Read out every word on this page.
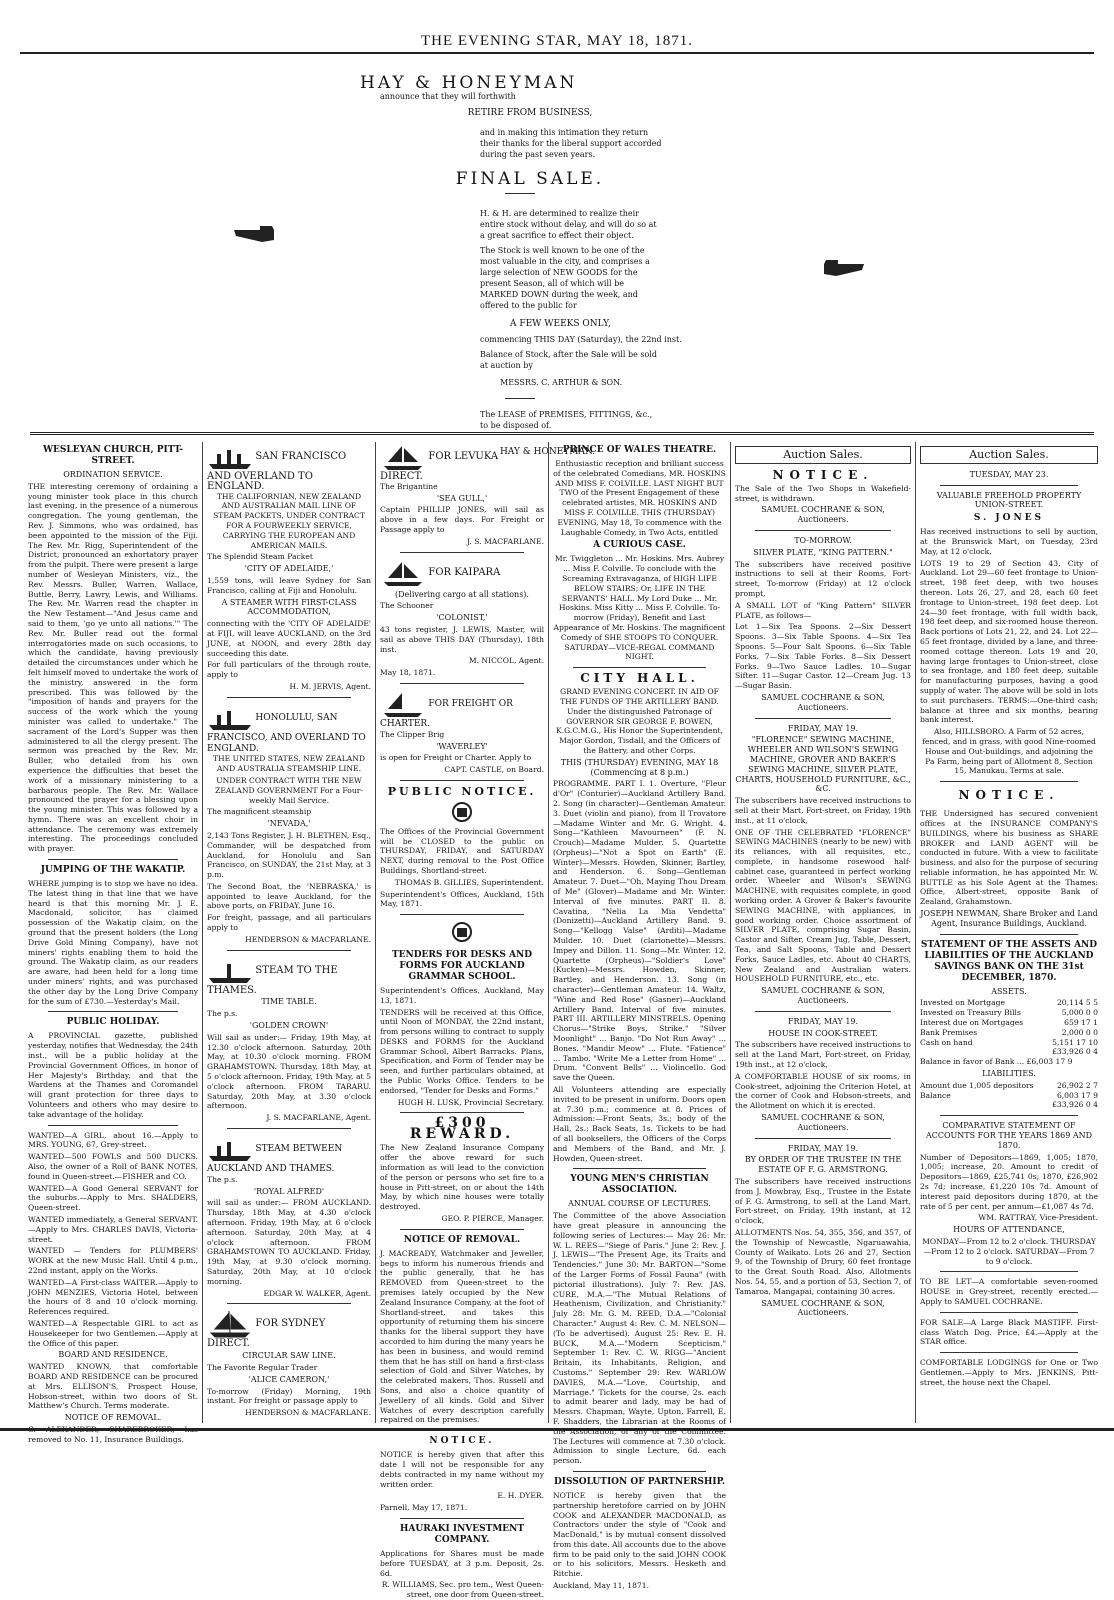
THE EVENING STAR, MAY 18, 1871.
HAY & HONEYMAN
announce that they will forthwith
RETIRE FROM BUSINESS,
and in making this intimation they return their thanks for the liberal support accorded during the past seven years.
FINAL SALE.
H. & H. are determined to realize their entire stock without delay, and will do so at a great sacrifice to effect their object.
The Stock is well known to be one of the most valuable in the city, and comprises a large selection of NEW GOODS for the present Season, all of which will be MARKED DOWN during the week, and offered to the public for
A FEW WEEKS ONLY,
commencing THIS DAY (Saturday), the 22nd inst.
Balance of Stock, after the Sale will be sold at auction by
MESSRS. C. ARTHUR & SON.
The LEASE of PREMISES, FITTINGS, &c., to be disposed of.
HAY & HONEYMAN.
WESLEYAN CHURCH, PITT-STREET.
ORDINATION SERVICE.
THE interesting ceremony of ordaining a young minister took place in this church last evening, in the presence of a numerous congregation. The young gentleman, the Rev. J. Simmons, who was ordained, has been appointed to the mission of the Fiji. The Rev. Mr. Rigg, Superintendent of the District, pronounced an exhortatory prayer from the pulpit. There were present a large number of Wesleyan Ministers, viz., the Rev. Messrs. Buller, Warren, Wallace, Buttle, Berry, Lawry, Lewis, and Williams. The Rev. Mr. Warren read the chapter in the New Testament—"And Jesus came and said to them, 'go ye unto all nations.'" The Rev. Mr. Buller read out the formal interrogatories made on such occasions, to which the candidate, having previously detailed the circumstances under which he felt himself moved to undertake the work of the ministry, answered in the form prescribed. This was followed by the "imposition of hands and prayers for the success of the work which the young minister was called to undertake." The sacrament of the Lord's Supper was then administered to all the clergy present. The sermon was preached by the Rev. Mr. Buller, who detailed from his own experience the difficulties that beset the work of a missionary ministering to a barbarous people. The Rev. Mr. Wallace pronounced the prayer for a blessing upon the young minister. This was followed by a hymn. There was an excellent choir in attendance. The ceremony was extremely interesting. The proceedings concluded with prayer.
JUMPING OF THE WAKATIP.
WHERE jumping is to stop we have no idea. The latest thing in that line that we have heard is that this morning Mr. J. E. Macdonald, solicitor, has claimed possession of the Wakatip claim, on the ground that the present holders (the Long Drive Gold Mining Company), have not miners' rights enabling them to hold the ground. The Wakatip claim, as our readers are aware, had been held for a long time under miners' rights, and was purchased the other day by the Long Drive Company for the sum of £730.—Yesterday's Mail.
PUBLIC HOLIDAY.
A PROVINCIAL gazette, published yesterday, notifies that Wednesday, the 24th inst., will be a public holiday at the Provincial Government Offices, in honor of Her Majesty's Birthday, and that the Wardens at the Thames and Coromandel will grant protection for three days to Volunteers and others who may desire to take advantage of the holiday.
WANTED—A GIRL, about 16.—Apply to MRS. YOUNG, 67, Grey-street.
WANTED—500 FOWLS and 500 DUCKS. Also, the owner of a Roll of BANK NOTES, found in Queen-street.—FISHER and CO.
WANTED—A Good General SERVANT for the suburbs.—Apply to Mrs. SHALDERS, Queen-street.
WANTED immediately, a General SERVANT.—Apply to Mrs. CHARLES DAVIS, Victoria-street.
WANTED — Tenders for PLUMBERS' WORK at the new Music Hall. Until 4 p.m., 22nd instant, apply on the Works.
WANTED—A First-class WAITER.—Apply to JOHN MENZIES, Victoria Hotel, between the hours of 8 and 10 o'clock morning. References required.
WANTED—A Respectable GIRL to act as Housekeeper for two Gentlemen.—Apply at the Office of this paper.
BOARD AND RESIDENCE.
WANTED KNOWN, that comfortable BOARD AND RESIDENCE can be procured at Mrs. ELLISON'S, Prospect House, Hobson-street, within two doors of St. Matthew's Church. Terms moderate.
NOTICE OF REMOVAL.
C. ALEXANDER, SHAREBROKER, has removed to No. 11, Insurance Buildings.
SAN FRANCISCO AND OVERLAND TO ENGLAND.
THE CALIFORNIAN, NEW ZEALAND AND AUSTRALIAN MAIL LINE OF STEAM PACKETS, UNDER CONTRACT FOR A FOURWEEKLY SERVICE, CARRYING THE EUROPEAN AND AMERICAN MAILS.
The Splendid Steam Packet
'CITY OF ADELAIDE,'
1,559 tons, will leave Sydney for San Francisco, calling at Fiji and Honolulu.
A STEAMER WITH FIRST-CLASS ACCOMMODATION,
connecting with the 'CITY OF ADELAIDE' at FIJI, will leave AUCKLAND, on the 3rd JUNE, at NOON, and every 28th day succeeding this date.
For full particulars of the through route, apply to
H. M. JERVIS, Agent.
HONOLULU, SAN FRANCISCO, AND OVERLAND TO ENGLAND.
THE UNITED STATES, NEW ZEALAND AND AUSTRALIA STEAMSHIP LINE.
UNDER CONTRACT WITH THE NEW ZEALAND GOVERNMENT For a Four-weekly Mail Service.
The magnificent steamship
'NEVADA,'
2,143 Tons Register, J. H. BLETHEN, Esq., Commander, will be despatched from Auckland, for Honolulu and San Francisco, on SUNDAY, the 21st May, at 3 p.m.
The Second Boat, the 'NEBRASKA,' is appointed to leave Auckland, for the above ports, on FRIDAY, June 16.
For freight, passage, and all particulars apply to
HENDERSON & MACFARLANE.
STEAM TO THE THAMES.
TIME TABLE.
The p.s.
'GOLDEN CROWN'
Will sail as under:— Friday, 19th May, at 12.30 o'clock afternoon. Saturday, 20th May, at 10.30 o'clock morning. FROM GRAHAMSTOWN. Thursday, 18th May, at 5 o'clock afternoon. Friday, 19th May, at 5 o'clock afternoon. FROM TARARU. Saturday, 20th May, at 3.30 o'clock afternoon.
J. S. MACFARLANE, Agent.
STEAM BETWEEN AUCKLAND AND THAMES.
The p.s.
'ROYAL ALFRED'
will sail as under:— FROM AUCKLAND. Thursday, 18th May, at 4.30 o'clock afternoon. Friday, 19th May, at 6 o'clock afternoon. Saturday, 20th May, at 4 o'clock afternoon. FROM GRAHAMSTOWN TO AUCKLAND. Friday, 19th May, at 9.30 o'clock morning. Saturday, 20th May, at 10 o'clock morning.
EDGAR W. WALKER, Agent.
FOR SYDNEY DIRECT.
CIRCULAR SAW LINE.
The Favorite Regular Trader
'ALICE CAMERON,'
To-morrow (Friday) Morning, 19th instant. For freight or passage apply to
HENDERSON & MACFARLANE.
FOR LEVUKA DIRECT.
The Brigantine
'SEA GULL,'
Captain PHILLIP JONES, will sail as above in a few days. For Freight or Passage apply to
J. S. MACFARLANE.
FOR KAIPARA
(Delivering cargo at all stations).
The Schooner
'COLONIST,'
43 tons register, J. LEWIS, Master, will sail as above THIS DAY (Thursday), 18th inst.
M. NICCOL, Agent.
May 18, 1871.
FOR FREIGHT OR CHARTER.
The Clipper Brig
'WAVERLEY'
is open for Freight or Charter. Apply to
CAPT. CASTLE, on Board.
PUBLIC NOTICE.
The Offices of the Provincial Government will be CLOSED to the public on THURSDAY, FRIDAY, and SATURDAY NEXT, during removal to the Post Office Buildings, Shortland-street.
THOMAS B. GILLIES, Superintendent.
Superintendent's Offices, Auckland, 15th May, 1871.
TENDERS FOR DESKS AND FORMS FOR AUCKLAND GRAMMAR SCHOOL.
Superintendent's Offices, Auckland, May 13, 1871.
TENDERS will be received at this Office, until Noon of MONDAY, the 22nd instant, from persons willing to contract to supply DESKS and FORMS for the Auckland Grammar School, Albert Barracks. Plans, Specification, and Form of Tender may be seen, and further particulars obtained, at the Public Works Office. Tenders to be endorsed, "Tender for Desks and Forms."
HUGH H. LUSK, Provincial Secretary.
£300 REWARD.
The New Zealand Insurance Company offer the above reward for such information as will lead to the conviction of the person or persons who set fire to a house in Pitt-street, on or about the 14th May, by which nine houses were totally destroyed.
GEO. P. PIERCE, Manager.
NOTICE OF REMOVAL.
J. MACREADY, Watchmaker and Jeweller, begs to inform his numerous friends and the public generally, that he has REMOVED from Queen-street to the premises lately occupied by the New Zealand Insurance Company, at the foot of Shortland-street, and takes this opportunity of returning them his sincere thanks for the liberal support they have accorded to him during the many years he has been in business, and would remind them that he has still on hand a first-class selection of Gold and Silver Watches, by the celebrated makers, Thos. Russell and Sons, and also a choice quantity of Jewellery of all kinds. Gold and Silver Watches of every description carefully repaired on the premises.
NOTICE.
NOTICE is hereby given that after this date I will not be responsible for any debts contracted in my name without my written order.
E. H. DYER.
Parnell, May 17, 1871.
HAURAKI INVESTMENT COMPANY.
Applications for Shares must be made before TUESDAY, at 3 p.m. Deposit, 2s. 6d.
R. WILLIAMS, Sec. pro tem., West Queen-street, one door from Queen-street.
PRINCE OF WALES THEATRE.
Enthusiastic reception and brilliant success of the celebrated Comedians, MR. HOSKINS AND MISS F. COLVILLE. LAST NIGHT BUT TWO of the Present Engagement of these celebrated artistes, MR. HOSKINS AND MISS F. COLVILLE. THIS (THURSDAY) EVENING, May 18, To commence with the Laughable Comedy, in Two Acts, entitled
A CURIOUS CASE.
Mr. Twiggleton ... Mr. Hoskins. Mrs. Aubrey ... Miss F. Colville. To conclude with the Screaming Extravaganza, of HIGH LIFE BELOW STAIRS; Or, LIFE IN THE SERVANTS' HALL. My Lord Duke ... Mr. Hoskins. Miss Kitty ... Miss F. Colville. To-morrow (Friday), Benefit and Last Appearance of Mr. Hoskins. The magnificent Comedy of SHE STOOPS TO CONQUER. SATURDAY—VICE-REGAL COMMAND NIGHT.
CITY HALL.
GRAND EVENING CONCERT. IN AID OF THE FUNDS OF THE ARTILLERY BAND. Under the distinguished Patronage of GOVERNOR SIR GEORGE F. BOWEN, K.G.C.M.G., His Honor the Superintendent, Major Gordon, Tisdall, and the Officers of the Battery, and other Corps.
THIS (THURSDAY) EVENING, MAY 18 (Commencing at 8 p.m.)
PROGRAMME. PART I. 1. Overture, "Fleur d'Or" (Conturier)—Auckland Artillery Band. 2. Song (in character)—Gentleman Amateur. 3. Duet (violin and piano), from Il Trovatore—Madame Winter and Mr. G. Wright. 4. Song—"Kathleen Mavourneen" (F. N. Crouch)—Madame Mulder. 5. Quartette (Orpheus)—"Not a Spot on Earth" (E. Winter)—Messrs. Howden, Skinner, Bartley, and Henderson. 6. Song—Gentleman Amateur. 7. Duet—"Oh, Maying Thou Dream of Me" (Glover)—Madame and Mr. Winter. Interval of five minutes. PART II. 8. Cavatina, "Nelia La Mia Vendetta" (Donizetti)—Auckland Artillery Band. 9. Song—"Kellogg Valse" (Arditi)—Madame Mulder. 10. Duet (clarionette)—Messrs. Impey and Dillon. 11. Song—Mr. Winter. 12. Quartette (Orpheus)—"Soldier's Love" (Kucken)—Messrs. Howden, Skinner, Bartley, and Henderson. 13. Song (in character)—Gentleman Amateur. 14. Waltz, "Wine and Red Rose" (Gasner)—Auckland Artillery Band. Interval of five minutes. PART III. ARTILLERY MINSTRELS. Opening Chorus—"Strike Boys, Strike." "Silver Moonlight" ... Banjo. "Do Not Run Away" ... Bones. "Mandir Meow" ... Flute. "Fatience" ... Tambo. "Write Me a Letter from Home" ... Drum. "Convent Bells" ... Violincello. God save the Queen.
All Volunteers attending are especially invited to be present in uniform. Doors open at 7.30 p.m.; commence at 8. Prices of Admission:—Front Seats, 3s.; body of the Hall, 2s.; Back Seats, 1s. Tickets to be had of all booksellers, the Officers of the Corps and Members of the Band, and Mr. J. Howden, Queen-street.
YOUNG MEN'S CHRISTIAN ASSOCIATION.
ANNUAL COURSE OF LECTURES.
The Committee of the above Association have great pleasure in announcing the following series of Lectures:— May 26: Mr. W. L. REES—"Siege of Paris." June 2: Rev. J. J. LEWIS—"The Present Age, its Traits and Tendencies." June 30: Mr. BARTON—"Some of the Larger Forms of Fossil Fauna" (with pictorial illustrations). July 7: Rev. JAS. CURE, M.A.—"The Mutual Relations of Heathenism, Civilization, and Christianity." July 28: Mr. G. M. REED, D.A.—"Colonial Character." August 4: Rev. C. M. NELSON—(To be advertised). August 25: Rev. E. H. BUCK, M.A.—"Modern Scepticism." September 1: Rev. C. W. RIGG—"Ancient Britain, its Inhabitants, Religion, and Customs." September 29: Rev. WARLOW DAVIES, M.A.—"Love, Courtship, and Marriage." Tickets for the course, 2s. each to admit bearer and lady, may be had of Messrs. Chapman, Wayte, Upton, Farrell, E. F. Shadders, the Librarian at the Rooms of the Association, or any of the Committee. The Lectures will commence at 7.30 o'clock. Admission to single Lecture, 6d. each person.
DISSOLUTION OF PARTNERSHIP.
NOTICE is hereby given that the partnership heretofore carried on by JOHN COOK and ALEXANDER MACDONALD, as Contractors under the style of "Cook and MacDonald," is by mutual consent dissolved from this date. All accounts due to the above firm to be paid only to the said JOHN COOK or to his solicitors, Messrs. Hesketh and Ritchie.
Auckland, May 11, 1871.
Auction Sales.
NOTICE.
The Sale of the Two Shops in Wakefield-street, is withdrawn.
SAMUEL COCHRANE & SON, Auctioneers.
TO-MORROW.
SILVER PLATE, "KING PATTERN."
The subscribers have received positive instructions to sell at their Rooms, Fort-street, To-morrow (Friday) at 12 o'clock prompt,
A SMALL LOT of "King Pattern" SILVER PLATE, as follows—
Lot 1—Six Tea Spoons. 2—Six Dessert Spoons. 3—Six Table Spoons. 4—Six Tea Spoons. 5—Four Salt Spoons. 6—Six Table Forks. 7—Six Table Forks. 8—Six Dessert Forks. 9—Two Sauce Ladles. 10—Sugar Sifter. 11—Sugar Castor. 12—Cream Jug. 13—Sugar Basin.
SAMUEL COCHRANE & SON, Auctioneers.
FRIDAY, MAY 19.
"FLORENCE" SEWING MACHINE, WHEELER AND WILSON'S SEWING MACHINE, GROVER AND BAKER'S SEWING MACHINE, SILVER PLATE, CHARTS, HOUSEHOLD FURNITURE, &C., &C.
The subscribers have received instructions to sell at their Mart, Fort-street, on Friday, 19th inst., at 11 o'clock,
ONE OF THE CELEBRATED "FLORENCE" SEWING MACHINES (nearly to be new) with its reliances, with all requisites, etc., complete, in handsome rosewood half-cabinet case, guaranteed in perfect working order. Wheeler and Wilson's SEWING MACHINE, with requisites complete, in good working order. A Grover & Baker's favourite SEWING MACHINE, with appliances, in good working order. Choice assortment of SILVER PLATE, comprising Sugar Basin, Castor and Sifter, Cream Jug, Table, Dessert, Tea, and Salt Spoons, Table and Dessert Forks, Sauce Ladles, etc. About 40 CHARTS, New Zealand and Australian waters. HOUSEHOLD FURNITURE, etc., etc.
SAMUEL COCHRANE & SON, Auctioneers.
FRIDAY, MAY 19.
HOUSE IN COOK-STREET.
The subscribers have received instructions to sell at the Land Mart, Fort-street, on Friday, 19th inst., at 12 o'clock,
A COMFORTABLE HOUSE of six rooms, in Cook-street, adjoining the Criterion Hotel, at the corner of Cook and Hobson-streets, and the Allotment on which it is erected.
SAMUEL COCHRANE & SON, Auctioneers.
FRIDAY, MAY 19.
BY ORDER OF THE TRUSTEE IN THE ESTATE OF F. G. ARMSTRONG.
The subscribers have received instructions from J. Mowbray, Esq., Trustee in the Estate of F. G. Armstrong, to sell at the Land Mart, Fort-street, on Friday, 19th instant, at 12 o'clock,
ALLOTMENTS Nos. 54, 355, 356, and 357, of the Township of Newcastle, Ngaruawahia, County of Waikato. Lots 26 and 27, Section 9, of the Township of Drury, 60 feet frontage to the Great South Road. Also, Allotments Nos. 54, 55, and a portion of 53, Section 7, of Tamaroa, Mangapai, containing 30 acres.
SAMUEL COCHRANE & SON, Auctioneers.
Auction Sales.
TUESDAY, MAY 23.
VALUABLE FREEHOLD PROPERTY UNION-STREET.
S. JONES
Has received instructions to sell by auction, at the Brunswick Mart, on Tuesday, 23rd May, at 12 o'clock,
LOTS 19 to 29 of Section 43, City of Auckland. Lot 29—60 feet frontage to Union-street, 198 feet deep, with two houses thereon. Lots 26, 27, and 28, each 60 feet frontage to Union-street, 198 feet deep. Lot 24—30 feet frontage, with full width back, 198 feet deep, and six-roomed house thereon. Back portions of Lots 21, 22, and 24. Lot 22—65 feet frontage, divided by a lane, and three-roomed cottage thereon. Lots 19 and 20, having large frontages to Union-street, close to sea frontage, and 180 feet deep, suitable for manufacturing purposes, having a good supply of water. The above will be sold in lots to suit purchasers. TERMS:—One-third cash; balance at three and six months, bearing bank interest.
Also, HILLSBORO. A Farm of 52 acres, fenced, and in grass, with good Nine-roomed House and Out-buildings, and adjoining the Pa Farm, being part of Allotment 8, Section 15, Manukau. Terms at sale.
NOTICE.
THE Undersigned has secured convenient offices at the INSURANCE COMPANY'S BUILDINGS, where his business as SHARE BROKER and LAND AGENT will be conducted in future. With a view to facilitate business, and also for the purpose of securing reliable information, he has appointed Mr. W. BUTTLE as his Sole Agent at the Thames: Office, Albert-street, opposite Bank of Zealand, Grahamstown.
JOSEPH NEWMAN, Share Broker and Land Agent, Insurance Buildings, Auckland.
STATEMENT OF THE ASSETS AND LIABILITIES OF THE AUCKLAND SAVINGS BANK ON THE 31st DECEMBER, 1870.
ASSETS.
Invested on Mortgage	20,114 5 5
Invested on Treasury Bills	5,000 0 0
Interest due on Mortgages	659 17 1
Bank Premises	2,000 0 0
Cash on hand	5,151 17 10
£33,926 0 4
Balance in favor of Bank ... £6,003 17 9
LIABILITIES.
Amount due 1,005 depositors	26,902 2 7
Balance	6,003 17 9
£33,926 0 4
COMPARATIVE STATEMENT OF ACCOUNTS FOR THE YEARS 1869 AND 1870.
Number of Depositors—1869, 1,005; 1870, 1,005; increase, 20. Amount to credit of Depositors—1869, £25,741 0s; 1870, £26,902 2s 7d; increase, £1,220 10s 7d. Amount of interest paid depositors during 1870, at the rate of 5 per cent. per annum—£1,087 4s 7d.
WM. RATTRAY, Vice-President.
HOURS OF ATTENDANCE,
MONDAY—From 12 to 2 o'clock. THURSDAY—From 12 to 2 o'clock. SATURDAY—From 7 to 9 o'clock.
TO BE LET—A comfortable seven-roomed HOUSE in Grey-street, recently erected.—Apply to SAMUEL COCHRANE.
FOR SALE—A Large Black MASTIFF. First-class Watch Dog. Price, £4.—Apply at the STAR office.
COMFORTABLE LODGINGS for One or Two Gentlemen.—Apply to Mrs. JENKINS, Pitt-street, the house next the Chapel.
